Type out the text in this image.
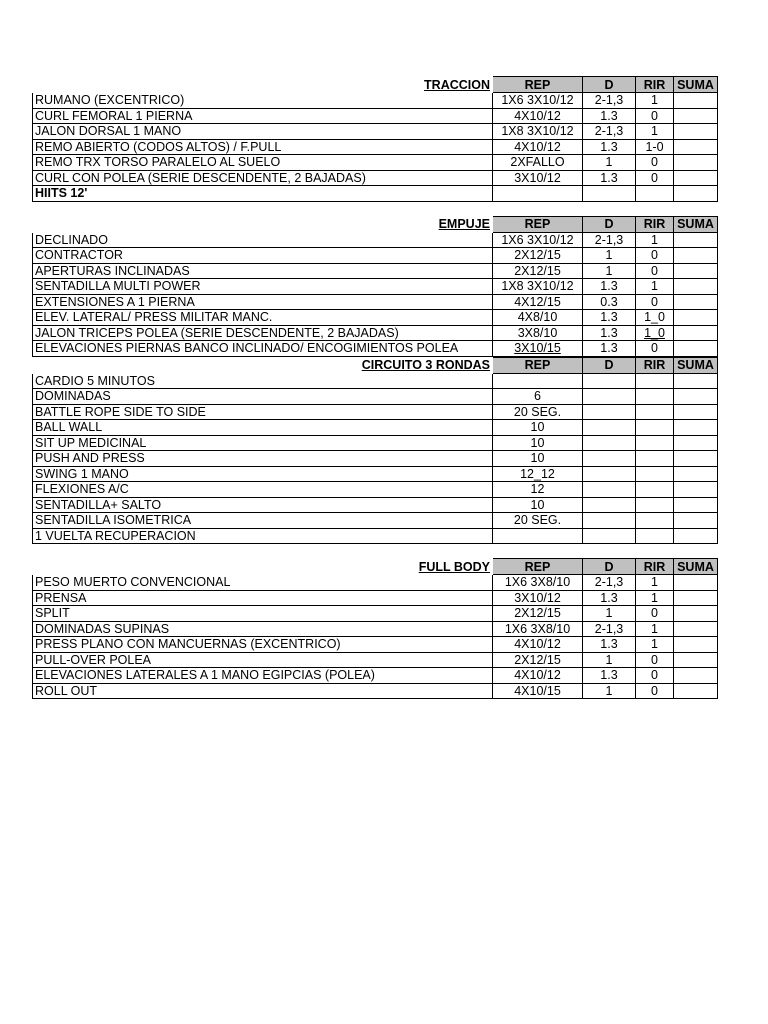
TRACCION	REP	D	RIR	SUMA
RUMANO (EXCENTRICO)	1X6 3X10/12	2-1,3	1	
CURL FEMORAL 1 PIERNA	4X10/12	1.3	0	
JALON DORSAL 1 MANO	1X8 3X10/12	2-1,3	1	
REMO ABIERTO (CODOS ALTOS) / F.PULL	4X10/12	1.3	1-0	
REMO TRX TORSO PARALELO AL SUELO	2XFALLO	1	0	
CURL CON POLEA (SERIE DESCENDENTE, 2 BAJADAS)	3X10/12	1.3	0	
HIITS 12'				
EMPUJE	REP	D	RIR	SUMA
DECLINADO	1X6 3X10/12	2-1,3	1	
CONTRACTOR	2X12/15	1	0	
APERTURAS INCLINADAS	2X12/15	1	0	
SENTADILLA MULTI POWER	1X8 3X10/12	1.3	1	
EXTENSIONES A 1 PIERNA	4X12/15	0.3	0	
ELEV. LATERAL/ PRESS MILITAR MANC.	4X8/10	1.3	1_0	
JALON TRICEPS POLEA (SERIE DESCENDENTE, 2 BAJADAS)	3X8/10	1.3	1_0	
ELEVACIONES PIERNAS BANCO INCLINADO/ ENCOGIMIENTOS POLEA	3X10/15	1.3	0	
CIRCUITO 3 RONDAS	REP	D	RIR	SUMA
CARDIO 5 MINUTOS				
DOMINADAS	6			
BATTLE ROPE SIDE TO SIDE	20 SEG.			
BALL WALL	10			
SIT UP MEDICINAL	10			
PUSH AND PRESS	10			
SWING 1 MANO	12_12			
FLEXIONES A/C	12			
SENTADILLA+ SALTO	10			
SENTADILLA ISOMETRICA	20 SEG.			
1 VUELTA RECUPERACION				
FULL BODY	REP	D	RIR	SUMA
PESO MUERTO CONVENCIONAL	1X6 3X8/10	2-1,3	1	
PRENSA	3X10/12	1.3	1	
SPLIT	2X12/15	1	0	
DOMINADAS SUPINAS	1X6 3X8/10	2-1,3	1	
PRESS PLANO CON MANCUERNAS (EXCENTRICO)	4X10/12	1.3	1	
PULL-OVER POLEA	2X12/15	1	0	
ELEVACIONES LATERALES A 1 MANO EGIPCIAS (POLEA)	4X10/12	1.3	0	
ROLL OUT	4X10/15	1	0	
